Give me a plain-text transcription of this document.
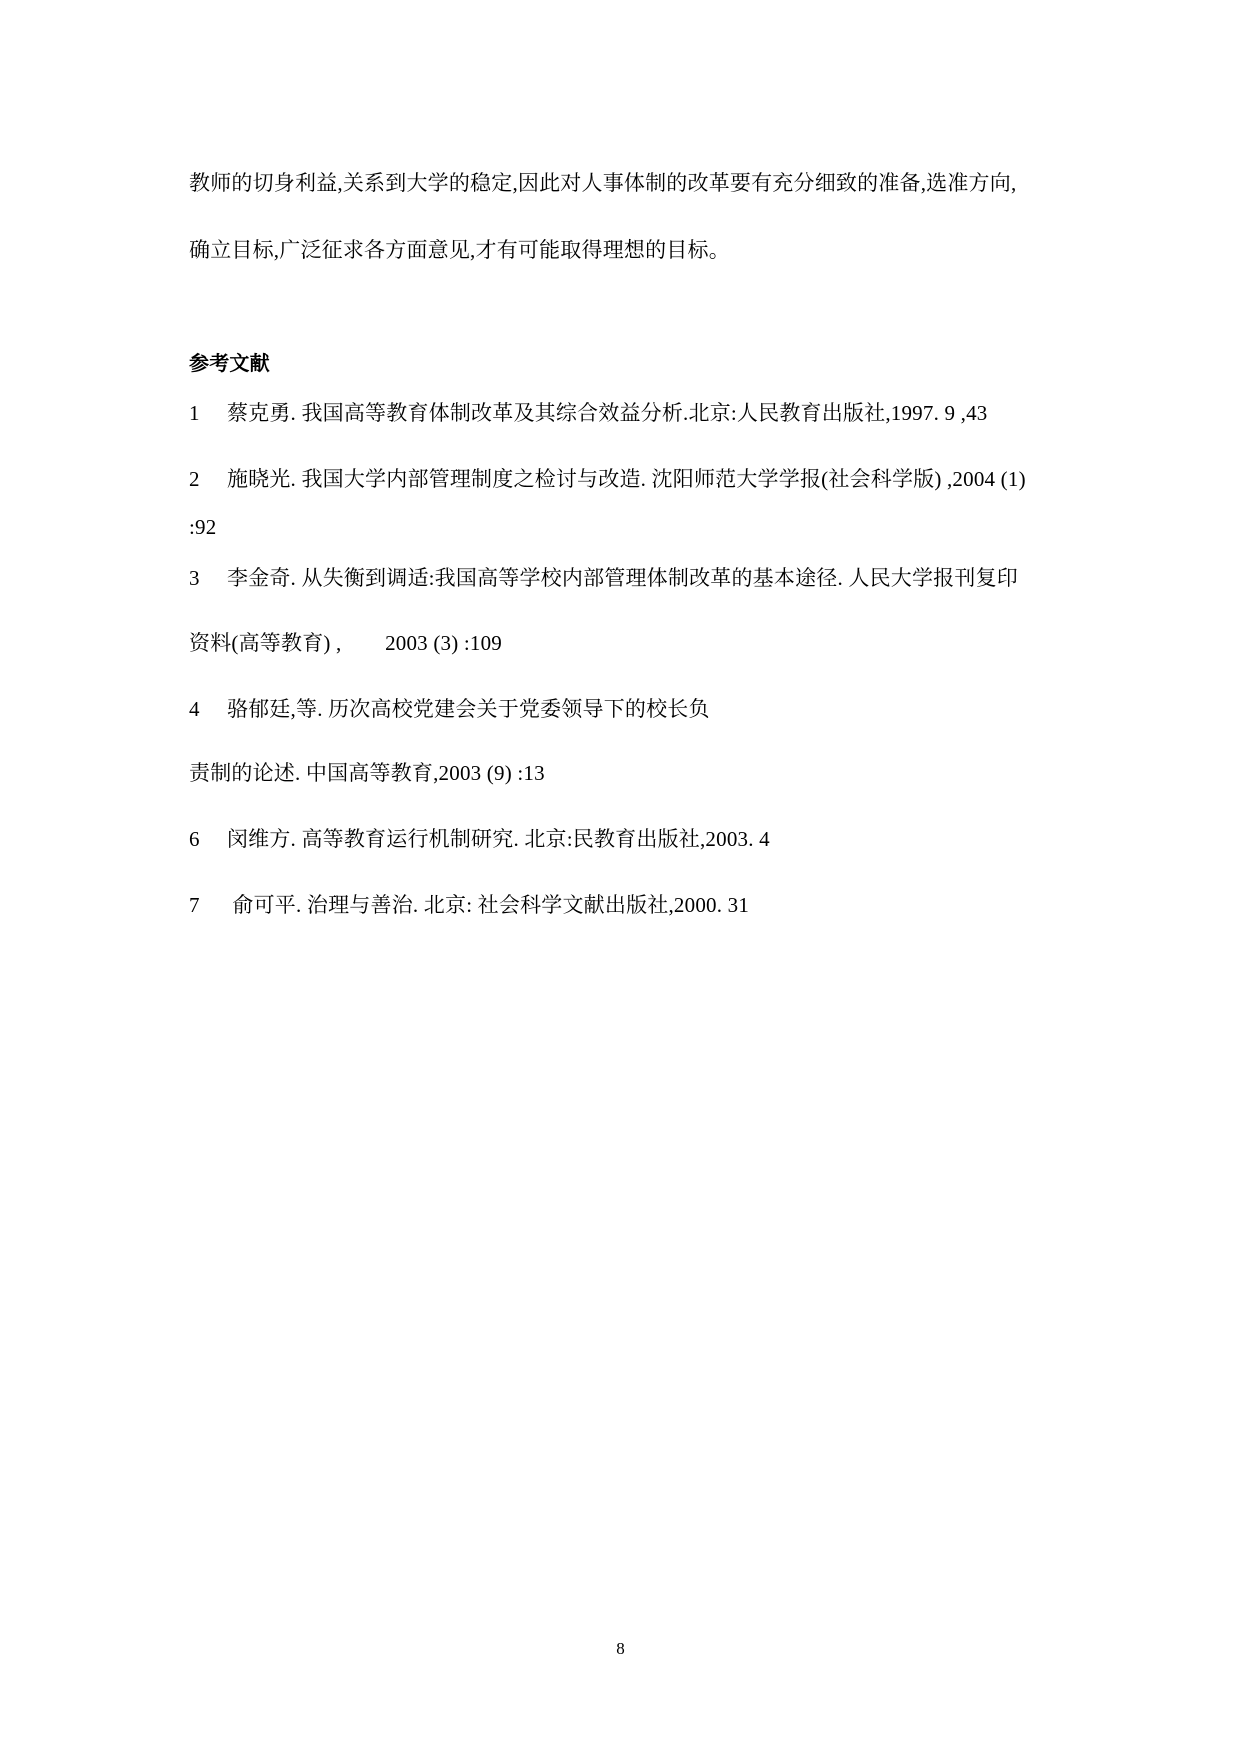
教师的切身利益,关系到大学的稳定,因此对人事体制的改革要有充分细致的准备,选准方向,
确立目标,广泛征求各方面意见,才有可能取得理想的目标。
参考文献
1     蔡克勇. 我国高等教育体制改革及其综合效益分析.北京:人民教育出版社,1997. 9 ,43
2     施晓光. 我国大学内部管理制度之检讨与改造. 沈阳师范大学学报(社会科学版) ,2004 (1)
:92
3     李金奇. 从失衡到调适:我国高等学校内部管理体制改革的基本途径. 人民大学报刊复印
资料(高等教育) ,        2003 (3) :109
4     骆郁廷,等. 历次高校党建会关于党委领导下的校长负
责制的论述. 中国高等教育,2003 (9) :13
6     闵维方. 高等教育运行机制研究. 北京:民教育出版社,2003. 4
7      俞可平. 治理与善治. 北京: 社会科学文献出版社,2000. 31
8
